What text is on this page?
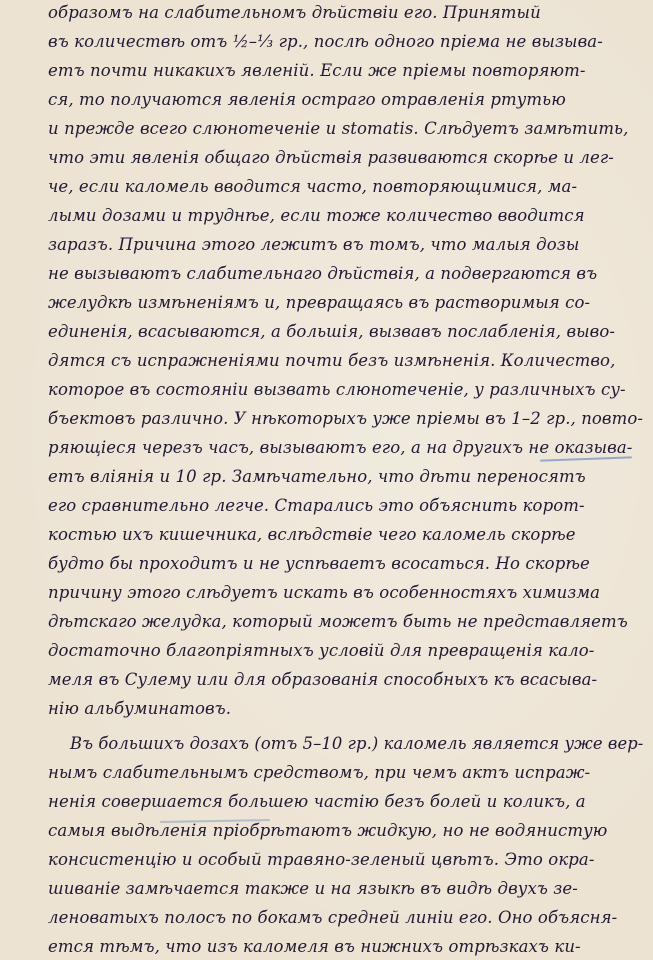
образомъ на слабительномъ дѣйствіи его. Принятый
въ количествѣ отъ ½–⅓ гр., послѣ одного пріема не вызыва-
етъ почти никакихъ явленій. Если же пріемы повторяют-
ся, то получаются явленія остраго отравленія ртутью
и прежде всего слюнотеченіе и stomatis. Слѣдуетъ замѣтить,
что эти явленія общаго дѣйствія развиваются скорѣе и лег-
че, если каломель вводится часто, повторяющимися, ма-
лыми дозами и труднѣе, если тоже количество вводится
заразъ. Причина этого лежитъ въ томъ, что малыя дозы
не вызываютъ слабительнаго дѣйствія, а подвергаются въ
желудкѣ измѣненіямъ и, превращаясь въ растворимыя со-
единенія, всасываются, а большія, вызвавъ послабленія, выво-
дятся съ испражненіями почти безъ измѣненія. Количество,
которое въ состояніи вызвать слюнотеченіе, у различныхъ су-
бъектовъ различно. У нѣкоторыхъ уже пріемы въ 1–2 гр., повто-
ряющіеся черезъ часъ, вызываютъ его, а на другихъ не оказыва-
етъ вліянія и 10 гр. Замѣчательно, что дѣти переносятъ
его сравнительно легче. Старались это объяснить корот-
костью ихъ кишечника, вслѣдствіе чего каломель скорѣе
будто бы проходитъ и не успѣваетъ всосаться. Но скорѣе
причину этого слѣдуетъ искать въ особенностяхъ химизма
дѣтскаго желудка, который можетъ быть не представляетъ
достаточно благопріятныхъ условій для превращенія кало-
меля въ Сулему или для образованія способныхъ къ всасыва-
нію альбуминатовъ.
Въ большихъ дозахъ (отъ 5–10 гр.) каломель является уже вер-
нымъ слабительнымъ средствомъ, при чемъ актъ испраж-
ненія совершается большею частію безъ болей и коликъ, а
самыя выдѣленія пріобрѣтаютъ жидкую, но не водянистую
консистенцію и особый травяно-зеленый цвѣтъ. Это окра-
шиваніе замѣчается также и на языкѣ въ видѣ двухъ зе-
леноватыхъ полосъ по бокамъ средней линіи его. Оно объясня-
ется тѣмъ, что изъ каломеля въ нижнихъ отрѣзкахъ ки-
